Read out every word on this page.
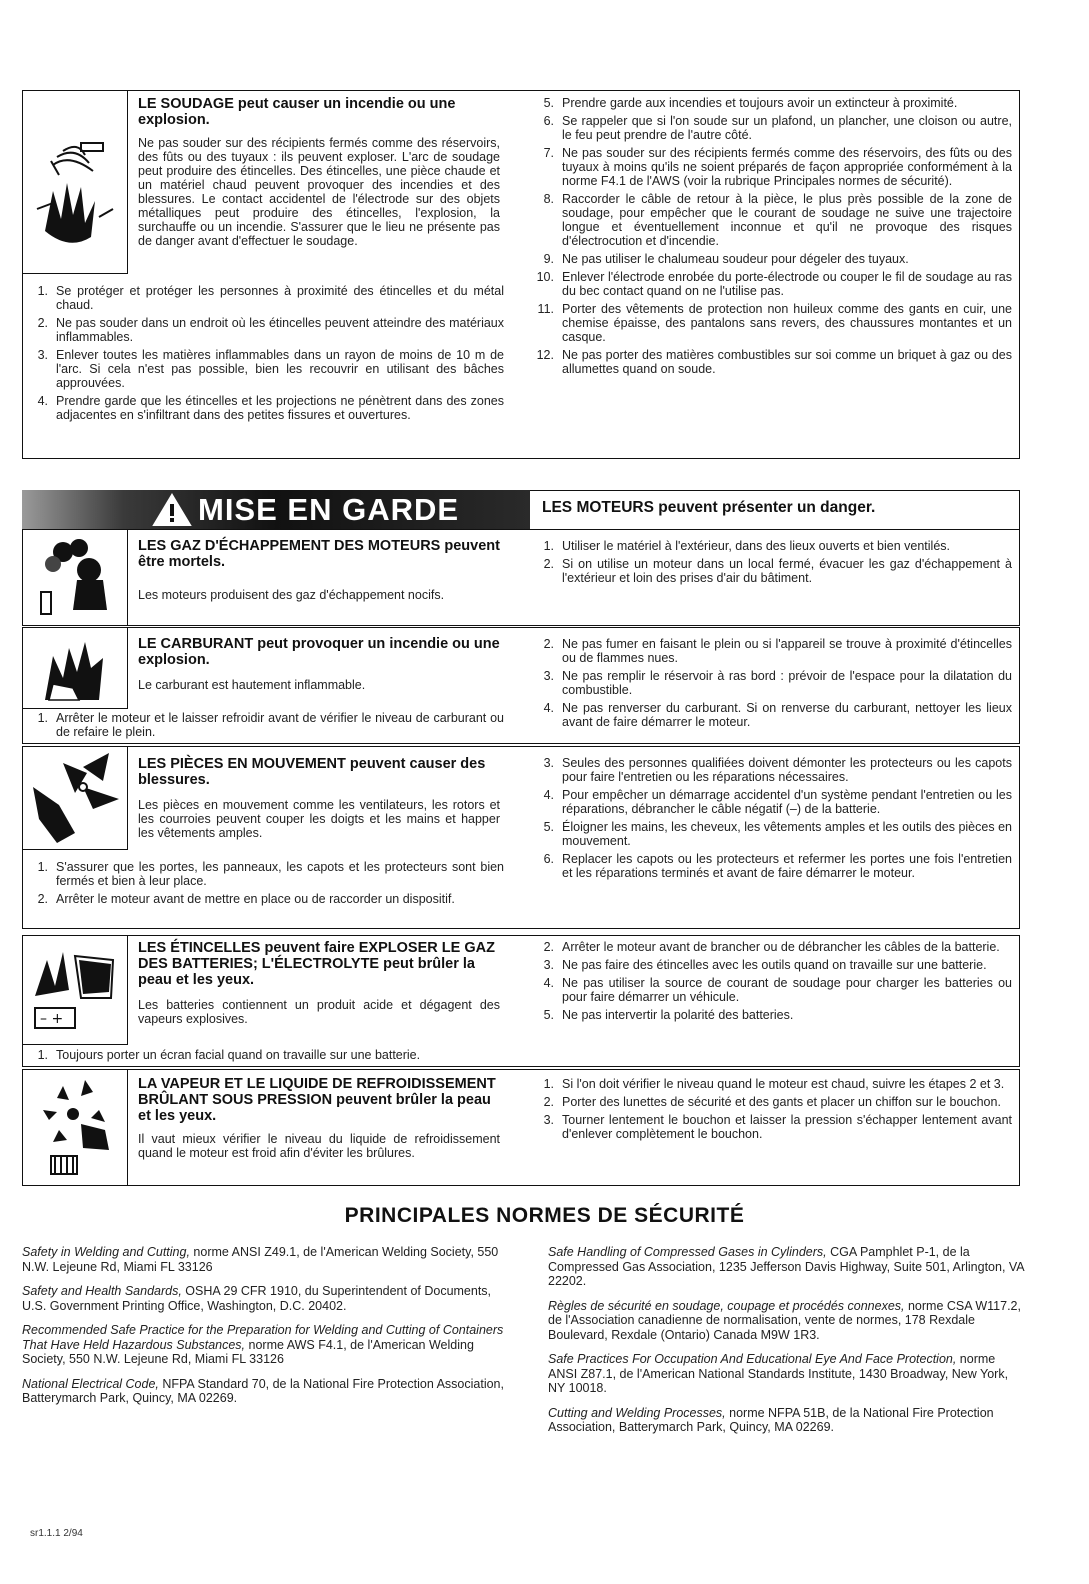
LE SOUDAGE peut causer un incendie ou une explosion.
Ne pas souder sur des récipients fermés comme des réservoirs, des fûts ou des tuyaux : ils peuvent exploser. L'arc de soudage peut produire des étincelles. Des étincelles, une pièce chaude et un matériel chaud peuvent provoquer des incendies et des blessures. Le contact accidentel de l'électrode sur des objets métalliques peut produire des étincelles, l'explosion, la surchauffe ou un incendie. S'assurer que le lieu ne présente pas de danger avant d'effectuer le soudage.
1. Se protéger et protéger les personnes à proximité des étincelles et du métal chaud.
2. Ne pas souder dans un endroit où les étincelles peuvent atteindre des matériaux inflammables.
3. Enlever toutes les matières inflammables dans un rayon de moins de 10 m de l'arc. Si cela n'est pas possible, bien les recouvrir en utilisant des bâches approuvées.
4. Prendre garde que les étincelles et les projections ne pénètrent dans des zones adjacentes en s'infiltrant dans des petites fissures et ouvertures.
5. Prendre garde aux incendies et toujours avoir un extincteur à proximité.
6. Se rappeler que si l'on soude sur un plafond, un plancher, une cloison ou autre, le feu peut prendre de l'autre côté.
7. Ne pas souder sur des récipients fermés comme des réservoirs, des fûts ou des tuyaux à moins qu'ils ne soient préparés de façon appropriée conformément à la norme F4.1 de l'AWS (voir la rubrique Principales normes de sécurité).
8. Raccorder le câble de retour à la pièce, le plus près possible de la zone de soudage, pour empêcher que le courant de soudage ne suive une trajectoire longue et éventuellement inconnue et qu'il ne provoque des risques d'électrocution et d'incendie.
9. Ne pas utiliser le chalumeau soudeur pour dégeler des tuyaux.
10. Enlever l'électrode enrobée du porte-électrode ou couper le fil de soudage au ras du bec contact quand on ne l'utilise pas.
11. Porter des vêtements de protection non huileux comme des gants en cuir, une chemise épaisse, des pantalons sans revers, des chaussures montantes et un casque.
12. Ne pas porter des matières combustibles sur soi comme un briquet à gaz ou des allumettes quand on soude.
MISE EN GARDE	LES MOTEURS peuvent présenter un danger.
LES GAZ D'ÉCHAPPEMENT DES MOTEURS peuvent être mortels.
Les moteurs produisent des gaz d'échappement nocifs.
1. Utiliser le matériel à l'extérieur, dans des lieux ouverts et bien ventilés.
2. Si on utilise un moteur dans un local fermé, évacuer les gaz d'échappement à l'extérieur et loin des prises d'air du bâtiment.
LE CARBURANT peut provoquer un incendie ou une explosion.
Le carburant est hautement inflammable.
1. Arrêter le moteur et le laisser refroidir avant de vérifier le niveau de carburant ou de refaire le plein.
2. Ne pas fumer en faisant le plein ou si l'appareil se trouve à proximité d'étincelles ou de flammes nues.
3. Ne pas remplir le réservoir à ras bord : prévoir de l'espace pour la dilatation du combustible.
4. Ne pas renverser du carburant. Si on renverse du carburant, nettoyer les lieux avant de faire démarrer le moteur.
LES PIÈCES EN MOUVEMENT peuvent causer des blessures.
Les pièces en mouvement comme les ventilateurs, les rotors et les courroies peuvent couper les doigts et les mains et happer les vêtements amples.
1. S'assurer que les portes, les panneaux, les capots et les protecteurs sont bien fermés et bien à leur place.
2. Arrêter le moteur avant de mettre en place ou de raccorder un dispositif.
3. Seules des personnes qualifiées doivent démonter les protecteurs ou les capots pour faire l'entretien ou les réparations nécessaires.
4. Pour empêcher un démarrage accidentel d'un système pendant l'entretien ou les réparations, débrancher le câble négatif (–) de la batterie.
5. Éloigner les mains, les cheveux, les vêtements amples et les outils des pièces en mouvement.
6. Replacer les capots ou les protecteurs et refermer les portes une fois l'entretien et les réparations terminés et avant de faire démarrer le moteur.
– +
LES ÉTINCELLES peuvent faire EXPLOSER LE GAZ DES BATTERIES; L'ÉLECTROLYTE peut brûler la peau et les yeux.
Les batteries contiennent un produit acide et dégagent des vapeurs explosives.
1. Toujours porter un écran facial quand on travaille sur une batterie.
2. Arrêter le moteur avant de brancher ou de débrancher les câbles de la batterie.
3. Ne pas faire des étincelles avec les outils quand on travaille sur une batterie.
4. Ne pas utiliser la source de courant de soudage pour charger les batteries ou pour faire démarrer un véhicule.
5. Ne pas intervertir la polarité des batteries.
LA VAPEUR ET LE LIQUIDE DE REFROIDISSEMENT BRÛLANT SOUS PRESSION peuvent brûler la peau et les yeux.
Il vaut mieux vérifier le niveau du liquide de refroidissement quand le moteur est froid afin d'éviter les brûlures.
1. Si l'on doit vérifier le niveau quand le moteur est chaud, suivre les étapes 2 et 3.
2. Porter des lunettes de sécurité et des gants et placer un chiffon sur le bouchon.
3. Tourner lentement le bouchon et laisser la pression s'échapper lentement avant d'enlever complètement le bouchon.
PRINCIPALES NORMES DE SÉCURITÉ
Safety in Welding and Cutting, norme ANSI Z49.1, de l'American Welding Society, 550 N.W. Lejeune Rd, Miami FL 33126
Safety and Health Sandards, OSHA 29 CFR 1910, du Superintendent of Documents, U.S. Government Printing Office, Washington, D.C. 20402.
Recommended Safe Practice for the Preparation for Welding and Cutting of Containers That Have Held Hazardous Substances, norme AWS F4.1, de l'American Welding Society, 550 N.W. Lejeune Rd, Miami FL 33126
National Electrical Code, NFPA Standard 70, de la National Fire Protection Association, Batterymarch Park, Quincy, MA 02269.
Safe Handling of Compressed Gases in Cylinders, CGA Pamphlet P-1, de la Compressed Gas Association, 1235 Jefferson Davis Highway, Suite 501, Arlington, VA 22202.
Règles de sécurité en soudage, coupage et procédés connexes, norme CSA W117.2, de l'Association canadienne de normalisation, vente de normes, 178 Rexdale Boulevard, Rexdale (Ontario) Canada M9W 1R3.
Safe Practices For Occupation And Educational Eye And Face Protection, norme ANSI Z87.1, de l'American National Standards Institute, 1430 Broadway, New York, NY 10018.
Cutting and Welding Processes, norme NFPA 51B, de la National Fire Protection Association, Batterymarch Park, Quincy, MA 02269.
sr1.1.1 2/94
